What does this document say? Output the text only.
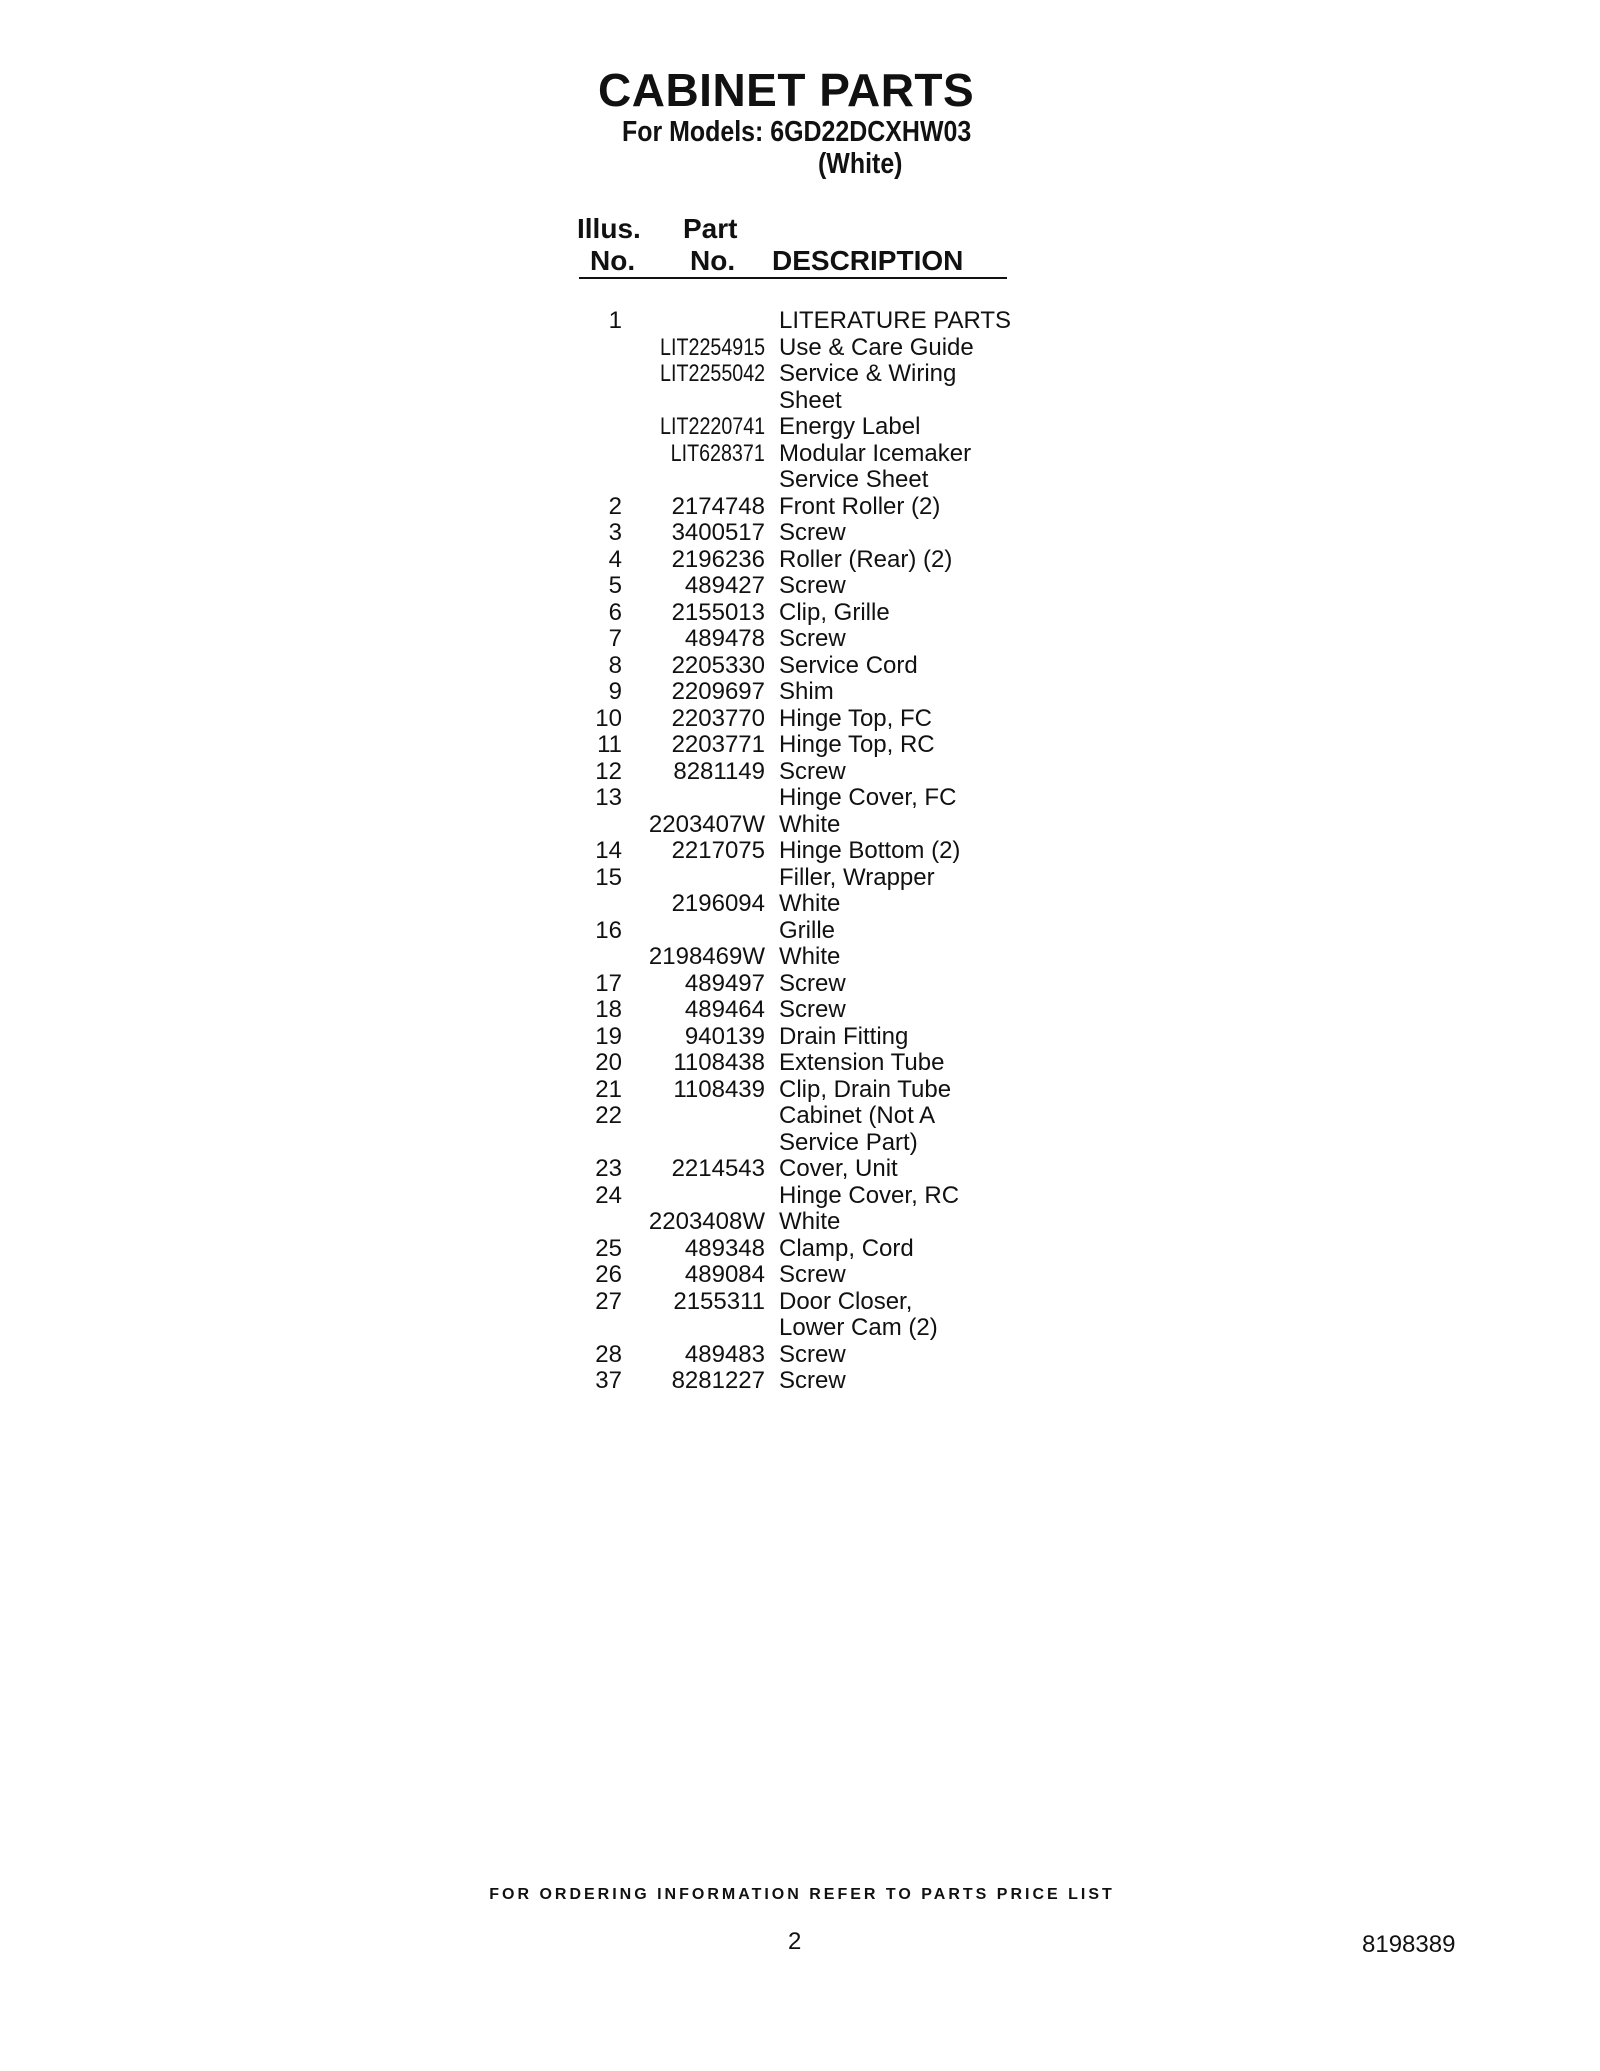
CABINET PARTS
For Models: 6GD22DCXHW03
(White)
Illus.
No.
Part
No. DESCRIPTION
1	LITERATURE PARTS
LIT2254915 Use & Care Guide
LIT2255042 Service & Wiring
Sheet
LIT2220741 Energy Label
LIT628371 Modular Icemaker
Service Sheet
2 2174748 Front Roller (2)
3 3400517 Screw
4 2196236 Roller (Rear) (2)
5	489427 Screw
6 2155013 Clip, Grille
7	489478 Screw
8 2205330 Service Cord
9 2209697 Shim
10 2203770 Hinge Top, FC
11 2203771 Hinge Top, RC
12 8281149 Screw
13	Hinge Cover, FC
2203407W White
14 2217075 Hinge Bottom (2)
15	Filler, Wrapper
2196094 White
16	Grille
2198469W White
17	489497 Screw
18	489464 Screw
19	940139 Drain Fitting
20 1108438 Extension Tube
21 1108439 Clip, Drain Tube
22	Cabinet (Not A
Service Part)
23 2214543 Cover, Unit
24	Hinge Cover, RC
2203408W White
25	489348 Clamp, Cord
26	489084 Screw
27 2155311 Door Closer,
Lower Cam (2)
28	489483 Screw
37 8281227 Screw
FOR ORDERING INFORMATION REFER TO PARTS PRICE LIST
2	8198389
